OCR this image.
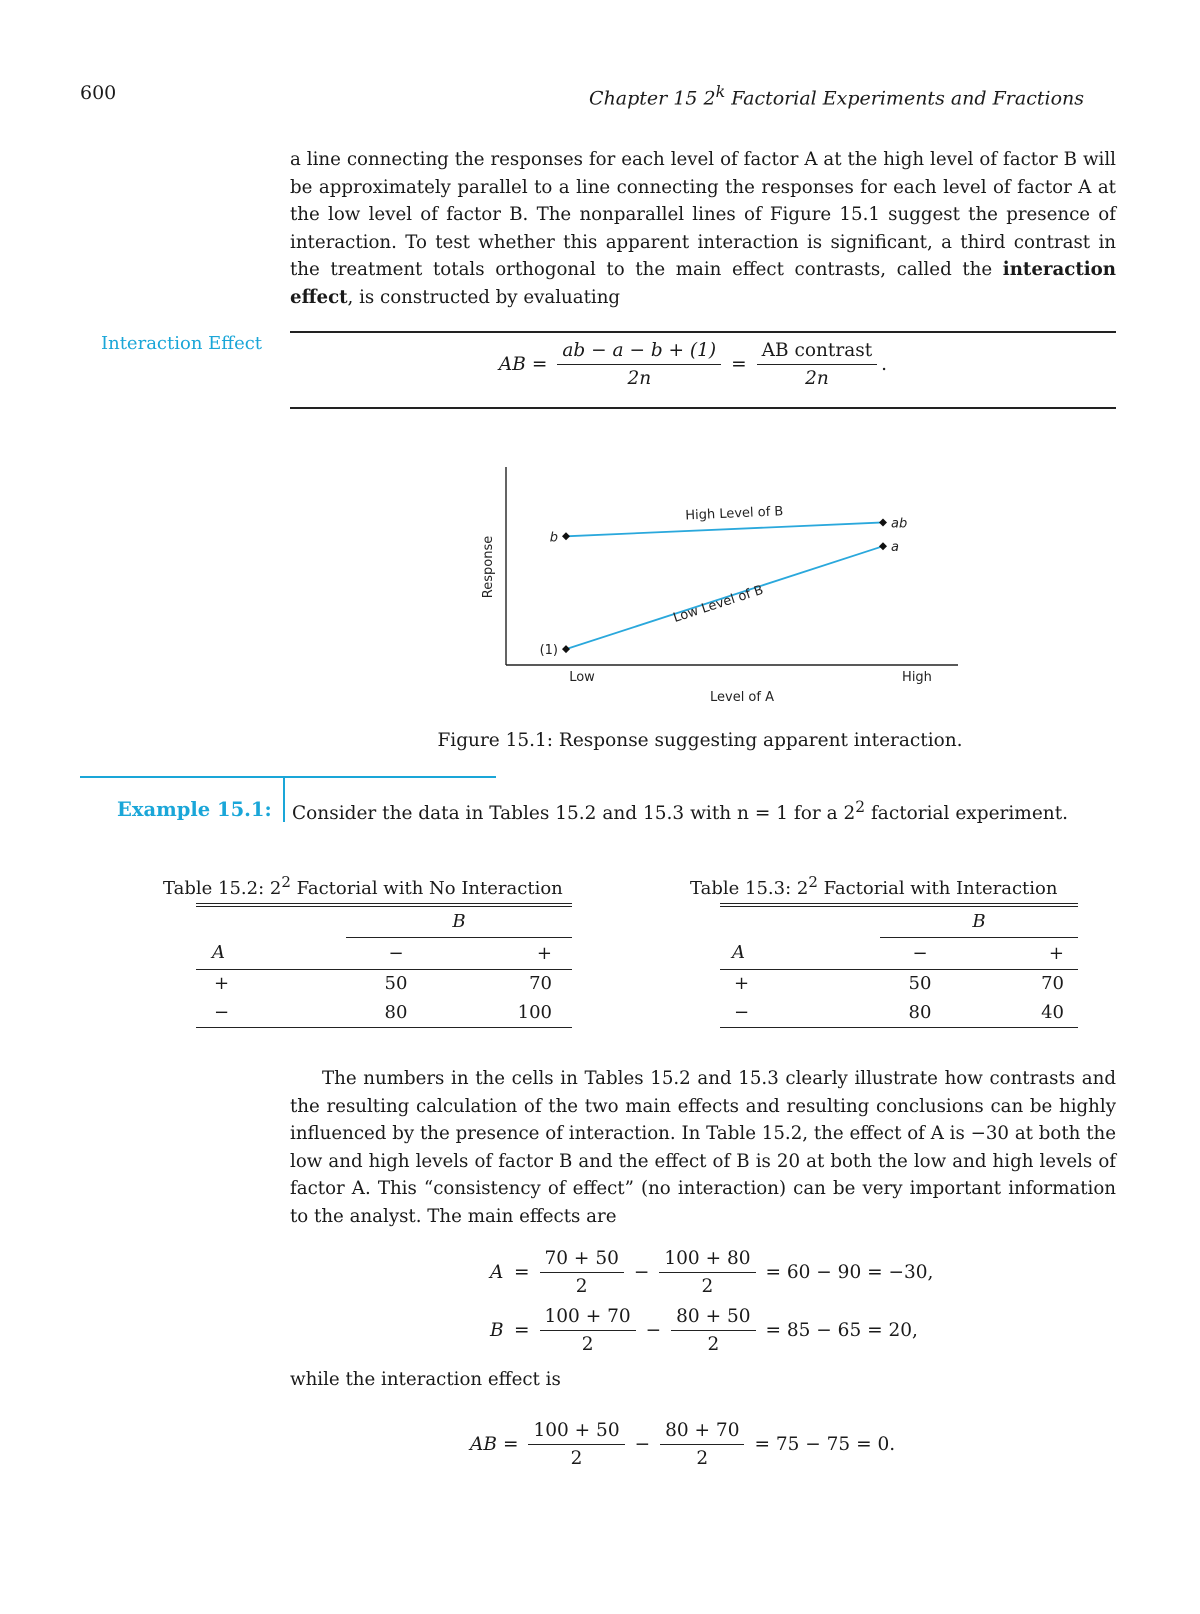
600	Chapter 15 2$^k$ Factorial Experiments and Fractions

a line connecting the responses for each level of factor A at the high level of factor B will be approximately parallel to a line connecting the responses for each level of factor A at the low level of factor B. The nonparallel lines of Figure 15.1 suggest the presence of interaction. To test whether this apparent interaction is significant, a third contrast in the treatment totals orthogonal to the main effect contrasts, called the interaction effect, is constructed by evaluating

Interaction Effect
AB = $\frac{ab - a - b + (1)}{2n} = \frac{\text{AB contrast}}{2n}$ .
b
ab
High Level of B
(1)
a
Low Level of B
Low	High
Level of A
Response
Figure 15.1: Response suggesting apparent interaction.
Example 15.1: Consider the data in Tables 15.2 and 15.3 with n = 1 for a $2^2$ factorial experiment.
Table 15.2: $2^2$ Factorial with No Interaction
	B	
A	−	+
+	50	70
−	80	100
Table 15.3: $2^2$ Factorial with Interaction
	B	
A	−	+
+	50	70
−	80	40

The numbers in the cells in Tables 15.2 and 15.3 clearly illustrate how contrasts and the resulting calculation of the two main effects and resulting conclusions can be highly influenced by the presence of interaction. In Table 15.2, the effect of A is −30 at both the low and high levels of factor B and the effect of B is 20 at both the low and high levels of factor A. This “consistency of effect” (no interaction) can be very important information to the analyst. The main effects are

$A = \frac{70 + 50}{2} - \frac{100 + 80}{2} = 60 - 90 = -30$,
$B = \frac{100 + 70}{2} - \frac{80 + 50}{2} = 85 - 65 = 20$,

while the interaction effect is

AB = $\frac{100 + 50}{2} - \frac{80 + 70}{2} = 75 - 75 = 0$.
